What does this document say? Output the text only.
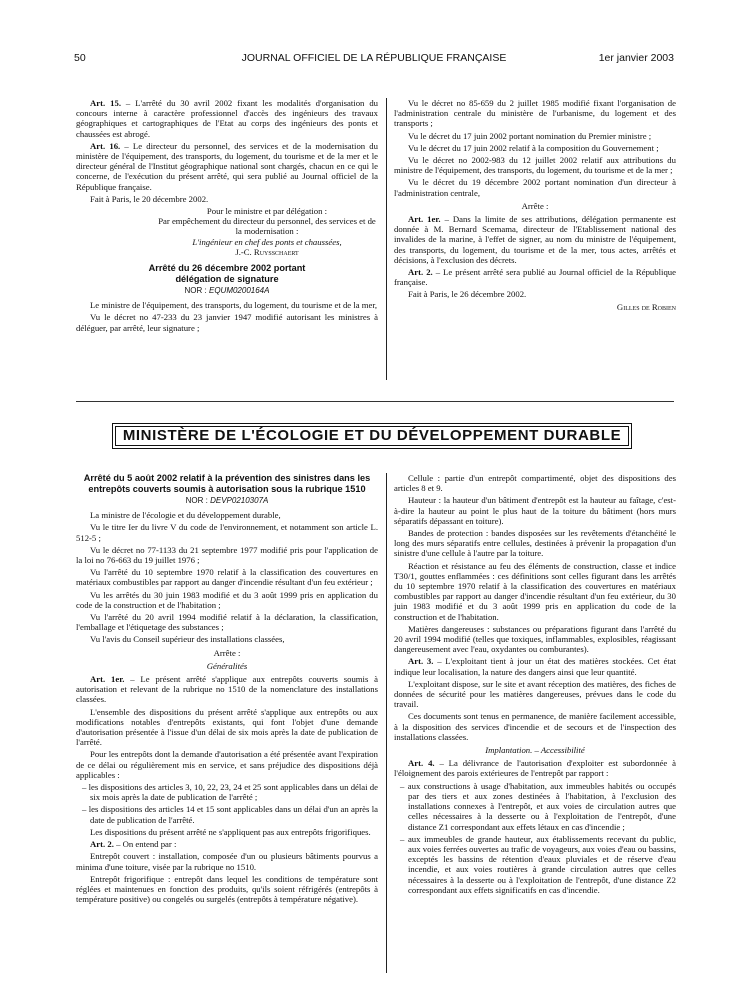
50	JOURNAL OFFICIEL DE LA RÉPUBLIQUE FRANÇAISE	1er janvier 2003

Art. 15. – L'arrêté du 30 avril 2002 fixant les modalités d'organisation du concours interne à caractère professionnel d'accès des ingénieurs des travaux géographiques et cartographiques de l'Etat au corps des ingénieurs des ponts et chaussées est abrogé.

Art. 16. – Le directeur du personnel, des services et de la modernisation du ministère de l'équipement, des transports, du logement, du tourisme et de la mer et le directeur général de l'Institut géographique national sont chargés, chacun en ce qui le concerne, de l'exécution du présent arrêté, qui sera publié au Journal officiel de la République française.

Fait à Paris, le 20 décembre 2002.

Pour le ministre et par délégation :
Par empêchement du directeur du personnel, des services et de la modernisation :
L'ingénieur en chef des ponts et chaussées,
J.-C. Ruysschaert
Arrêté du 26 décembre 2002 portant délégation de signature
NOR : EQUM0200164A

Le ministre de l'équipement, des transports, du logement, du tourisme et de la mer,

Vu le décret no 47-233 du 23 janvier 1947 modifié autorisant les ministres à déléguer, par arrêté, leur signature ;

Vu le décret no 85-659 du 2 juillet 1985 modifié fixant l'organisation de l'administration centrale du ministère de l'urbanisme, du logement et des transports ;

Vu le décret du 17 juin 2002 portant nomination du Premier ministre ;

Vu le décret du 17 juin 2002 relatif à la composition du Gouvernement ;

Vu le décret no 2002-983 du 12 juillet 2002 relatif aux attributions du ministre de l'équipement, des transports, du logement, du tourisme et de la mer ;

Vu le décret du 19 décembre 2002 portant nomination d'un directeur à l'administration centrale,

Arrête :

Art. 1er. – Dans la limite de ses attributions, délégation permanente est donnée à M. Bernard Scemama, directeur de l'Etablissement national des invalides de la marine, à l'effet de signer, au nom du ministre de l'équipement, des transports, du logement, du tourisme et de la mer, tous actes, arrêtés et décisions, à l'exclusion des décrets.

Art. 2. – Le présent arrêté sera publié au Journal officiel de la République française.

Fait à Paris, le 26 décembre 2002.

Gilles de Robien
MINISTÈRE DE L'ÉCOLOGIE ET DU DÉVELOPPEMENT DURABLE
Arrêté du 5 août 2002 relatif à la prévention des sinistres dans les entrepôts couverts soumis à autorisation sous la rubrique 1510
NOR : DEVP0210307A

La ministre de l'écologie et du développement durable,

Vu le titre Ier du livre V du code de l'environnement, et notamment son article L. 512-5 ;

Vu le décret no 77-1133 du 21 septembre 1977 modifié pris pour l'application de la loi no 76-663 du 19 juillet 1976 ;

Vu l'arrêté du 10 septembre 1970 relatif à la classification des couvertures en matériaux combustibles par rapport au danger d'incendie résultant d'un feu extérieur ;

Vu les arrêtés du 30 juin 1983 modifié et du 3 août 1999 pris en application du code de la construction et de l'habitation ;

Vu l'arrêté du 20 avril 1994 modifié relatif à la déclaration, la classification, l'emballage et l'étiquetage des substances ;

Vu l'avis du Conseil supérieur des installations classées,

Arrête :
Généralités

Art. 1er. – Le présent arrêté s'applique aux entrepôts couverts soumis à autorisation et relevant de la rubrique no 1510 de la nomenclature des installations classées.

L'ensemble des dispositions du présent arrêté s'applique aux entrepôts ou aux modifications notables d'entrepôts existants, qui font l'objet d'une demande d'autorisation présentée à l'issue d'un délai de six mois après la date de publication de l'arrêté.

Pour les entrepôts dont la demande d'autorisation a été présentée avant l'expiration de ce délai ou régulièrement mis en service, et sans préjudice des dispositions déjà applicables :

– les dispositions des articles 3, 10, 22, 23, 24 et 25 sont applicables dans un délai de six mois après la date de publication de l'arrêté ;
– les dispositions des articles 14 et 15 sont applicables dans un délai d'un an après la date de publication de l'arrêté.

Les dispositions du présent arrêté ne s'appliquent pas aux entrepôts frigorifiques.

Art. 2. – On entend par :

Entrepôt couvert : installation, composée d'un ou plusieurs bâtiments pourvus a minima d'une toiture, visée par la rubrique no 1510.

Entrepôt frigorifique : entrepôt dans lequel les conditions de température sont réglées et maintenues en fonction des produits, qu'ils soient réfrigérés (entrepôts à température positive) ou congelés ou surgelés (entrepôts à température négative).

Cellule : partie d'un entrepôt compartimenté, objet des dispositions des articles 8 et 9.

Hauteur : la hauteur d'un bâtiment d'entrepôt est la hauteur au faîtage, c'est-à-dire la hauteur au point le plus haut de la toiture du bâtiment (hors murs séparatifs dépassant en toiture).

Bandes de protection : bandes disposées sur les revêtements d'étanchéité le long des murs séparatifs entre cellules, destinées à prévenir la propagation d'un sinistre d'une cellule à l'autre par la toiture.

Réaction et résistance au feu des éléments de construction, classe et indice T30/1, gouttes enflammées : ces définitions sont celles figurant dans les arrêtés du 10 septembre 1970 relatif à la classification des couvertures en matériaux combustibles par rapport au danger d'incendie résultant d'un feu extérieur, du 30 juin 1983 modifié et du 3 août 1999 pris en application du code de la construction et de l'habitation.

Matières dangereuses : substances ou préparations figurant dans l'arrêté du 20 avril 1994 modifié (telles que toxiques, inflammables, explosibles, réagissant dangereusement avec l'eau, oxydantes ou comburantes).

Art. 3. – L'exploitant tient à jour un état des matières stockées. Cet état indique leur localisation, la nature des dangers ainsi que leur quantité.

L'exploitant dispose, sur le site et avant réception des matières, des fiches de données de sécurité pour les matières dangereuses, prévues dans le code du travail.

Ces documents sont tenus en permanence, de manière facilement accessible, à la disposition des services d'incendie et de secours et de l'inspection des installations classées.

Implantation. – Accessibilité

Art. 4. – La délivrance de l'autorisation d'exploiter est subordonnée à l'éloignement des parois extérieures de l'entrepôt par rapport :

– aux constructions à usage d'habitation, aux immeubles habités ou occupés par des tiers et aux zones destinées à l'habitation, à l'exclusion des installations connexes à l'entrepôt, et aux voies de circulation autres que celles nécessaires à la desserte ou à l'exploitation de l'entrepôt, d'une distance Z1 correspondant aux effets létaux en cas d'incendie ;
– aux immeubles de grande hauteur, aux établissements recevant du public, aux voies ferrées ouvertes au trafic de voyageurs, aux voies d'eau ou bassins, exceptés les bassins de rétention d'eaux pluviales et de réserve d'eau incendie, et aux voies routières à grande circulation autres que celles nécessaires à la desserte ou à l'exploitation de l'entrepôt, d'une distance Z2 correspondant aux effets significatifs en cas d'incendie.
